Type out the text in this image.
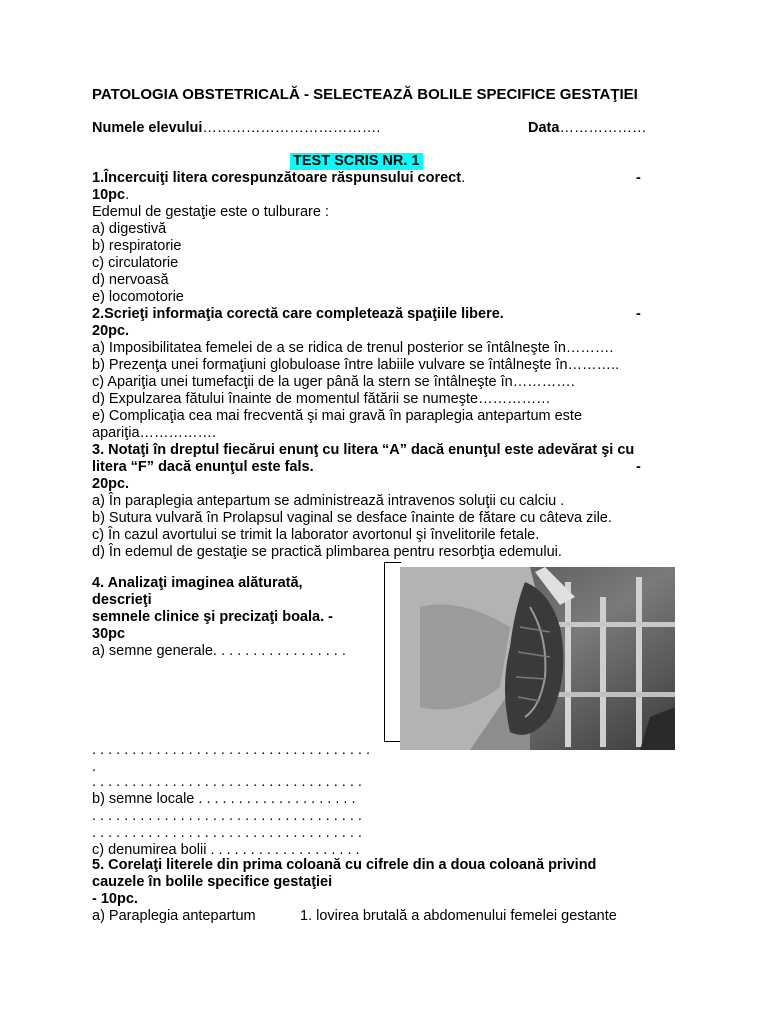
PATOLOGIA OBSTETRICALĂ - SELECTEAZĂ BOLILE SPECIFICE GESTAŢIEI
Numele elevului……………………………….	Data………………
TEST SCRIS NR. 1
1.Încercuiţi litera corespunzătoare răspunsului corect.	-
10pc.
Edemul de gestaţie este o tulburare :
a) digestivă
b) respiratorie
c) circulatorie
d) nervoasă
e) locomotorie
2.Scrieţi informaţia corectă care completează spaţiile libere.	-
20pc.
a) Imposibilitatea femelei de a se ridica de trenul posterior se întâlneşte în……….
b) Prezenţa unei formaţiuni globuloase între labiile vulvare se întâlneşte în………..
c) Apariţia unei tumefacţii de la uger până la stern se întâlneşte în………….
d) Expulzarea fătului înainte de momentul fătării se numeşte……………
e) Complicaţia cea mai frecventă şi mai gravă în paraplegia antepartum este
apariţia…………….
3. Notaţi în dreptul fiecărui enunţ cu litera “A” dacă enunţul este adevărat şi cu
litera “F” dacă enunţul este fals.	-
20pc.
a) În paraplegia antepartum se administrează intravenos soluţii cu calciu .
b) Sutura vulvară în Prolapsul vaginal se desface înainte de fătare cu câteva zile.
c) În cazul avortului se trimit la laborator avortonul şi învelitorile fetale.
d) În edemul de gestaţie se practică plimbarea pentru resorbţia edemului.
4. Analizaţi imaginea alăturată,
descrieţi
semnele clinice şi precizaţi boala. -
30pc
a) semne generale. . . . . . . . . . . . . . . . .
. . . . . . . . . . . . . . . . . . . . . . . . . . . . . . . . . . .
.
. . . . . . . . . . . . . . . . . . . . . . . . . . . . . . . . . .
b) semne locale . . . . . . . . . . . . . . . . . . . .
. . . . . . . . . . . . . . . . . . . . . . . . . . . . . . . . . .
. . . . . . . . . . . . . . . . . . . . . . . . . . . . . . . . . .
c) denumirea bolii . . . . . . . . . . . . . . . . . . .
5. Corelaţi literele din prima coloană cu cifrele din a doua coloană privind
cauzele în bolile specifice gestaţiei
- 10pc.
a) Paraplegia antepartum	1. lovirea brutală a abdomenului femelei gestante
